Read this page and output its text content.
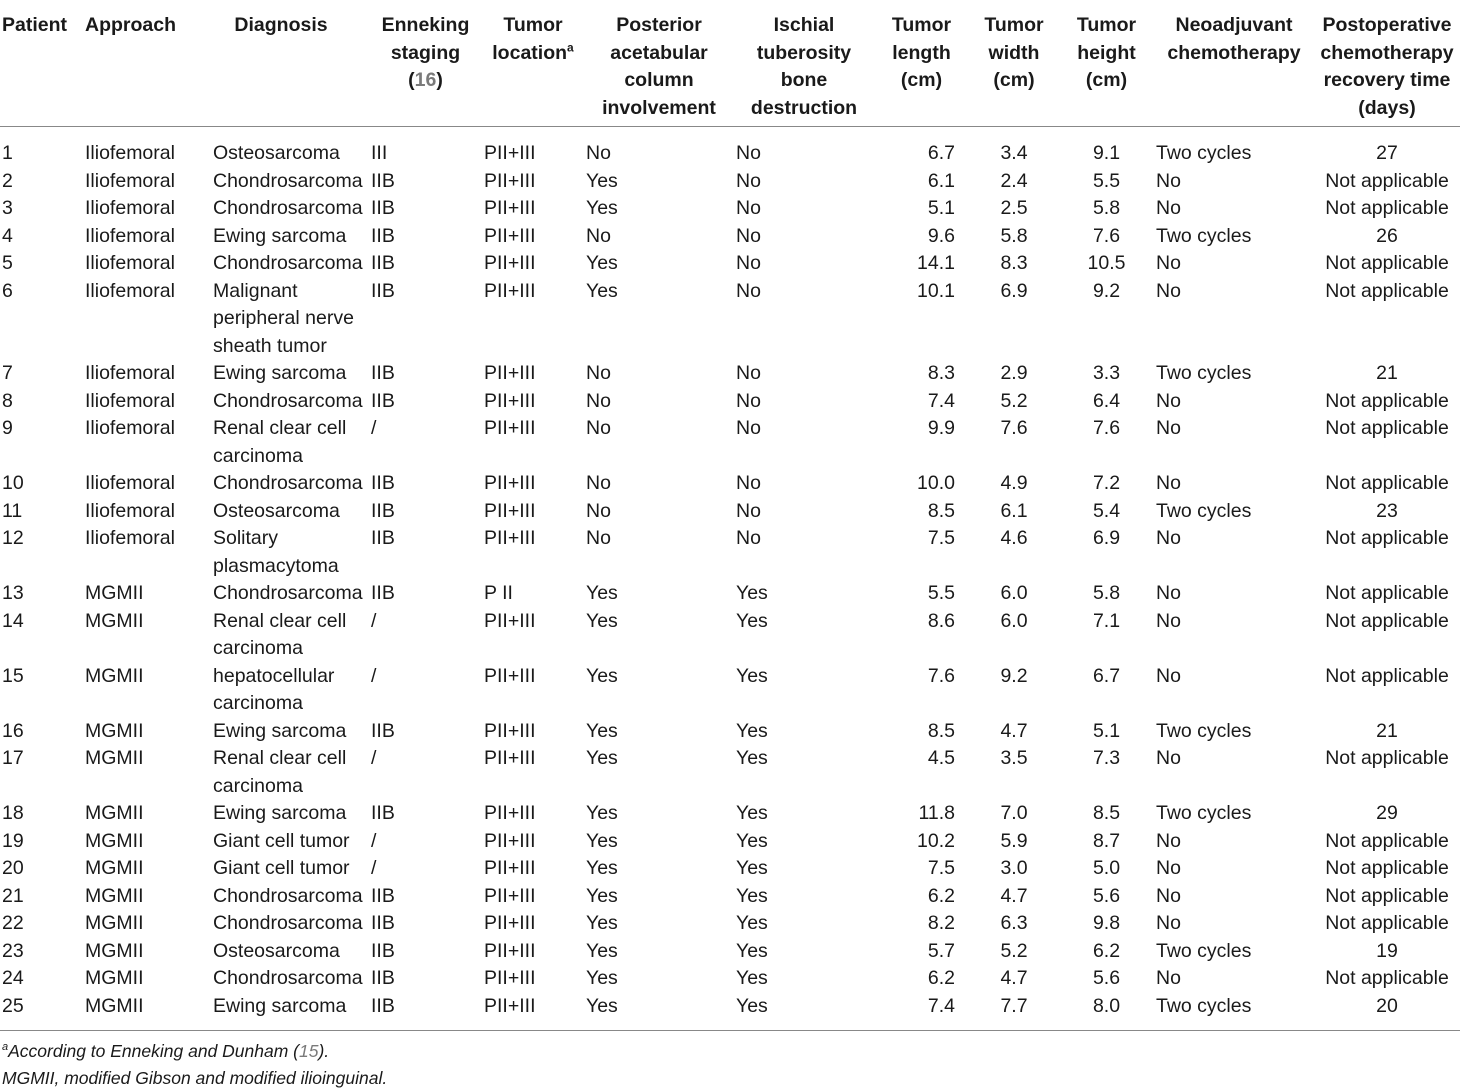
Patient	Approach	Diagnosis	Enneking staging (16)	Tumor location$^a$	Posterior acetabular column involvement	Ischial tuberosity bone destruction	Tumor length (cm)	Tumor width (cm)	Tumor height (cm)	Neoadjuvant chemotherapy	Postoperative chemotherapy recovery time (days)
1	Iliofemoral	Osteosarcoma	III	PII+III	No	No	6.7	3.4	9.1	Two cycles	27
2	Iliofemoral	Chondrosarcoma	IIB	PII+III	Yes	No	6.1	2.4	5.5	No	Not applicable
3	Iliofemoral	Chondrosarcoma	IIB	PII+III	Yes	No	5.1	2.5	5.8	No	Not applicable
4	Iliofemoral	Ewing sarcoma	IIB	PII+III	No	No	9.6	5.8	7.6	Two cycles	26
5	Iliofemoral	Chondrosarcoma	IIB	PII+III	Yes	No	14.1	8.3	10.5	No	Not applicable
6	Iliofemoral	Malignant peripheral nerve sheath tumor	IIB	PII+III	Yes	No	10.1	6.9	9.2	No	Not applicable
7	Iliofemoral	Ewing sarcoma	IIB	PII+III	No	No	8.3	2.9	3.3	Two cycles	21
8	Iliofemoral	Chondrosarcoma	IIB	PII+III	No	No	7.4	5.2	6.4	No	Not applicable
9	Iliofemoral	Renal clear cell carcinoma	/	PII+III	No	No	9.9	7.6	7.6	No	Not applicable
10	Iliofemoral	Chondrosarcoma	IIB	PII+III	No	No	10.0	4.9	7.2	No	Not applicable
11	Iliofemoral	Osteosarcoma	IIB	PII+III	No	No	8.5	6.1	5.4	Two cycles	23
12	Iliofemoral	Solitary plasmacytoma	IIB	PII+III	No	No	7.5	4.6	6.9	No	Not applicable
13	MGMII	Chondrosarcoma	IIB	P II	Yes	Yes	5.5	6.0	5.8	No	Not applicable
14	MGMII	Renal clear cell carcinoma	/	PII+III	Yes	Yes	8.6	6.0	7.1	No	Not applicable
15	MGMII	hepatocellular carcinoma	/	PII+III	Yes	Yes	7.6	9.2	6.7	No	Not applicable
16	MGMII	Ewing sarcoma	IIB	PII+III	Yes	Yes	8.5	4.7	5.1	Two cycles	21
17	MGMII	Renal clear cell carcinoma	/	PII+III	Yes	Yes	4.5	3.5	7.3	No	Not applicable
18	MGMII	Ewing sarcoma	IIB	PII+III	Yes	Yes	11.8	7.0	8.5	Two cycles	29
19	MGMII	Giant cell tumor	/	PII+III	Yes	Yes	10.2	5.9	8.7	No	Not applicable
20	MGMII	Giant cell tumor	/	PII+III	Yes	Yes	7.5	3.0	5.0	No	Not applicable
21	MGMII	Chondrosarcoma	IIB	PII+III	Yes	Yes	6.2	4.7	5.6	No	Not applicable
22	MGMII	Chondrosarcoma	IIB	PII+III	Yes	Yes	8.2	6.3	9.8	No	Not applicable
23	MGMII	Osteosarcoma	IIB	PII+III	Yes	Yes	5.7	5.2	6.2	Two cycles	19
24	MGMII	Chondrosarcoma	IIB	PII+III	Yes	Yes	6.2	4.7	5.6	No	Not applicable
25	MGMII	Ewing sarcoma	IIB	PII+III	Yes	Yes	7.4	7.7	8.0	Two cycles	20
$^a$According to Enneking and Dunham (15).
MGMII, modified Gibson and modified ilioinguinal.
